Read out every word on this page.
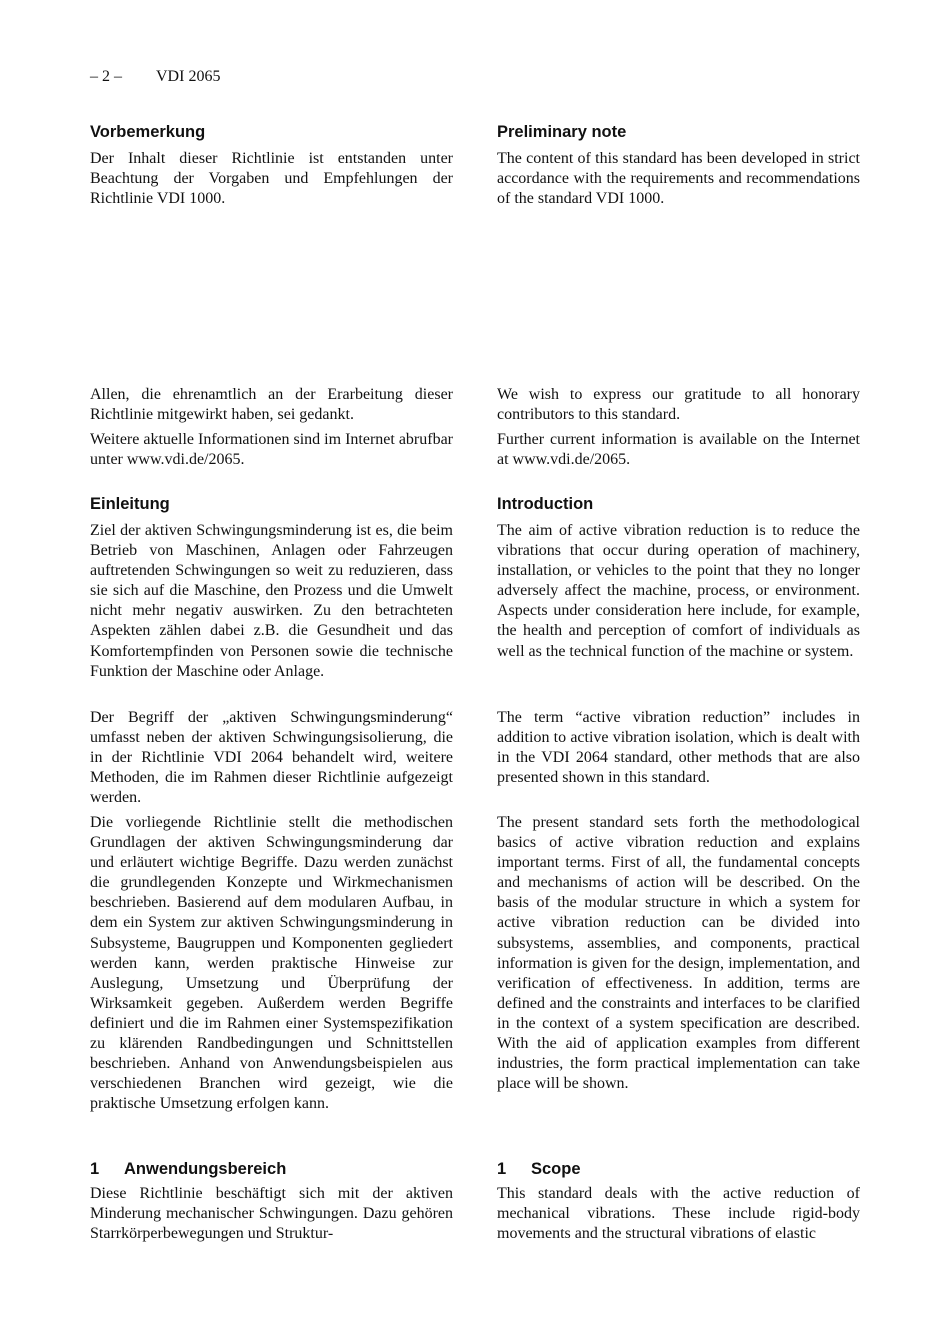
– 2 – VDI 2065
Vorbemerkung

Der Inhalt dieser Richtlinie ist entstanden unter Beachtung der Vorgaben und Empfehlungen der Richtlinie VDI 1000.

Allen, die ehrenamtlich an der Erarbeitung dieser Richtlinie mitgewirkt haben, sei gedankt.

Weitere aktuelle Informationen sind im Internet abrufbar unter www.vdi.de/2065.

Einleitung

Ziel der aktiven Schwingungsminderung ist es, die beim Betrieb von Maschinen, Anlagen oder Fahrzeugen auftretenden Schwingungen so weit zu reduzieren, dass sie sich auf die Maschine, den Prozess und die Umwelt nicht mehr negativ auswirken. Zu den betrachteten Aspekten zählen dabei z.B. die Gesundheit und das Komfortempfinden von Personen sowie die technische Funktion der Maschine oder Anlage.

Der Begriff der „aktiven Schwingungsminderung“ umfasst neben der aktiven Schwingungsisolierung, die in der Richtlinie VDI 2064 behandelt wird, weitere Methoden, die im Rahmen dieser Richtlinie aufgezeigt werden.

Die vorliegende Richtlinie stellt die methodischen Grundlagen der aktiven Schwingungsminderung dar und erläutert wichtige Begriffe. Dazu werden zunächst die grundlegenden Konzepte und Wirkmechanismen beschrieben. Basierend auf dem modularen Aufbau, in dem ein System zur aktiven Schwingungsminderung in Subsysteme, Baugruppen und Komponenten gegliedert werden kann, werden praktische Hinweise zur Auslegung, Umsetzung und Überprüfung der Wirksamkeit gegeben. Außerdem werden Begriffe definiert und die im Rahmen einer Systemspezifikation zu klärenden Randbedingungen und Schnittstellen beschrieben. Anhand von Anwendungsbeispielen aus verschiedenen Branchen wird gezeigt, wie die praktische Umsetzung erfolgen kann.

1 Anwendungsbereich

Diese Richtlinie beschäftigt sich mit der aktiven Minderung mechanischer Schwingungen. Dazu gehören Starrkörperbewegungen und Struktur-

Preliminary note

The content of this standard has been developed in strict accordance with the requirements and recommendations of the standard VDI 1000.

We wish to express our gratitude to all honorary contributors to this standard.

Further current information is available on the Internet at www.vdi.de/2065.

Introduction

The aim of active vibration reduction is to reduce the vibrations that occur during operation of machinery, installation, or vehicles to the point that they no longer adversely affect the machine, process, or environment. Aspects under consideration here include, for example, the health and perception of comfort of individuals as well as the technical function of the machine or system.

The term “active vibration reduction” includes in addition to active vibration isolation, which is dealt with in the VDI 2064 standard, other methods that are also presented shown in this standard.

The present standard sets forth the methodological basics of active vibration reduction and explains important terms. First of all, the fundamental concepts and mechanisms of action will be described. On the basis of the modular structure in which a system for active vibration reduction can be divided into subsystems, assemblies, and components, practical information is given for the design, implementation, and verification of effectiveness. In addition, terms are defined and the constraints and interfaces to be clarified in the context of a system specification are described. With the aid of application examples from different industries, the form practical implementation can take place will be shown.

1 Scope

This standard deals with the active reduction of mechanical vibrations. These include rigid-body movements and the structural vibrations of elastic
